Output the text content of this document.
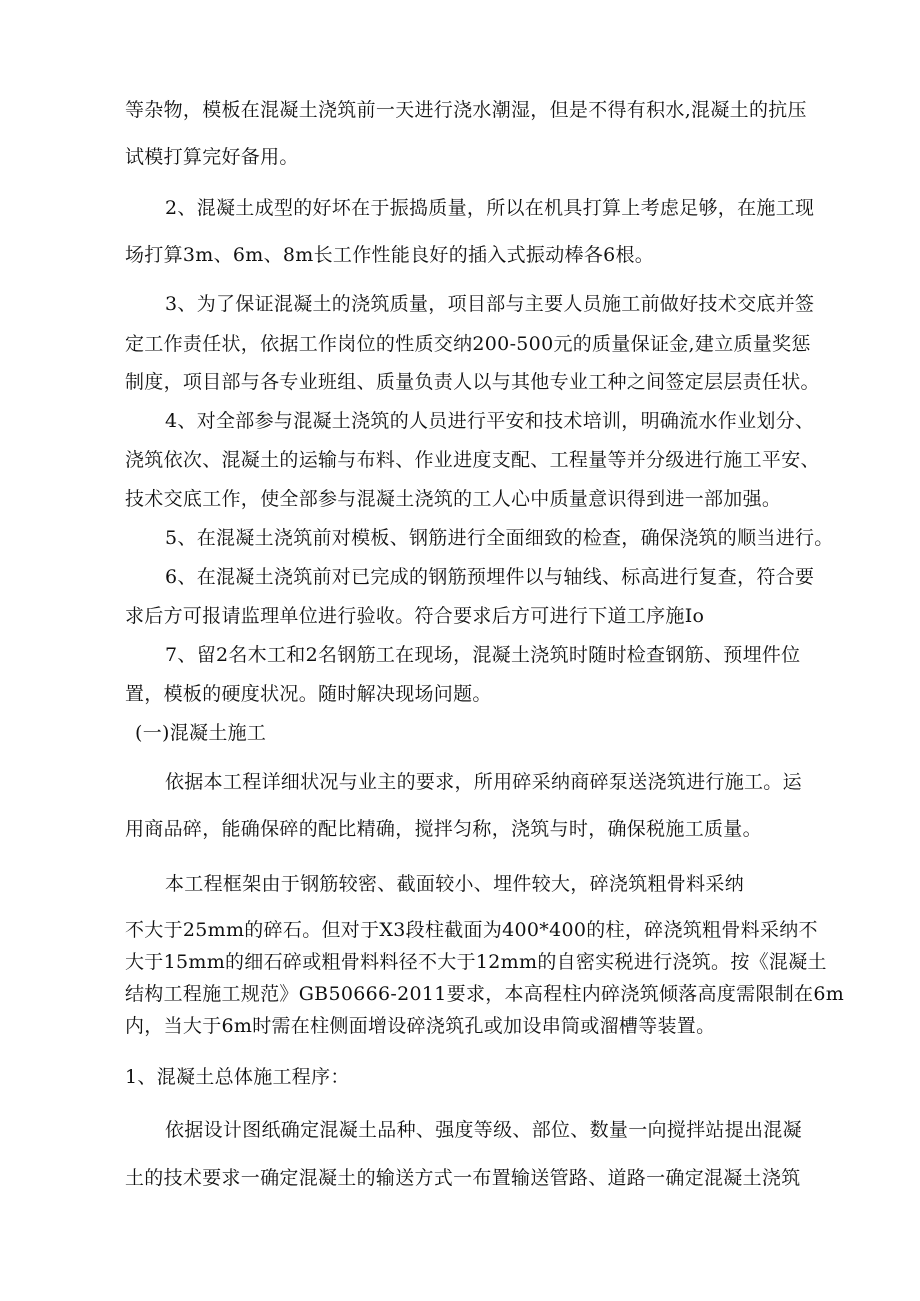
等杂物，模板在混凝土浇筑前一天进行浇水潮湿，但是不得有积水,混凝土的抗压
试模打算完好备用。
2、混凝土成型的好坏在于振捣质量，所以在机具打算上考虑足够，在施工现
场打算3m、6m、8m长工作性能良好的插入式振动棒各6根。
3、为了保证混凝土的浇筑质量，项目部与主要人员施工前做好技术交底并签
定工作责任状，依据工作岗位的性质交纳200-500元的质量保证金,建立质量奖惩
制度，项目部与各专业班组、质量负责人以与其他专业工种之间签定层层责任状。
4、对全部参与混凝土浇筑的人员进行平安和技术培训，明确流水作业划分、
浇筑依次、混凝土的运输与布料、作业进度支配、工程量等并分级进行施工平安、
技术交底工作，使全部参与混凝土浇筑的工人心中质量意识得到进一部加强。
5、在混凝土浇筑前对模板、钢筋进行全面细致的检查，确保浇筑的顺当进行。
6、在混凝土浇筑前对已完成的钢筋预埋件以与轴线、标高进行复查，符合要
求后方可报请监理单位进行验收。符合要求后方可进行下道工序施Io
7、留2名木工和2名钢筋工在现场，混凝土浇筑时随时检查钢筋、预埋件位
置，模板的硬度状况。随时解决现场问题。
(一)混凝土施工
依据本工程详细状况与业主的要求，所用碎采纳商碎泵送浇筑进行施工。运
用商品碎，能确保碎的配比精确，搅拌匀称，浇筑与时，确保税施工质量。
本工程框架由于钢筋较密、截面较小、埋件较大，碎浇筑粗骨料采纳
不大于25mm的碎石。但对于X3段柱截面为400*400的柱，碎浇筑粗骨料采纳不
大于15mm的细石碎或粗骨料料径不大于12mm的自密实税进行浇筑。按《混凝土
结构工程施工规范》GB50666-2011要求，本高程柱内碎浇筑倾落高度需限制在6m
内，当大于6m时需在柱侧面增设碎浇筑孔或加设串筒或溜槽等装置。
1、混凝土总体施工程序：
依据设计图纸确定混凝土品种、强度等级、部位、数量一向搅拌站提出混凝
土的技术要求一确定混凝土的输送方式一布置输送管路、道路一确定混凝土浇筑
